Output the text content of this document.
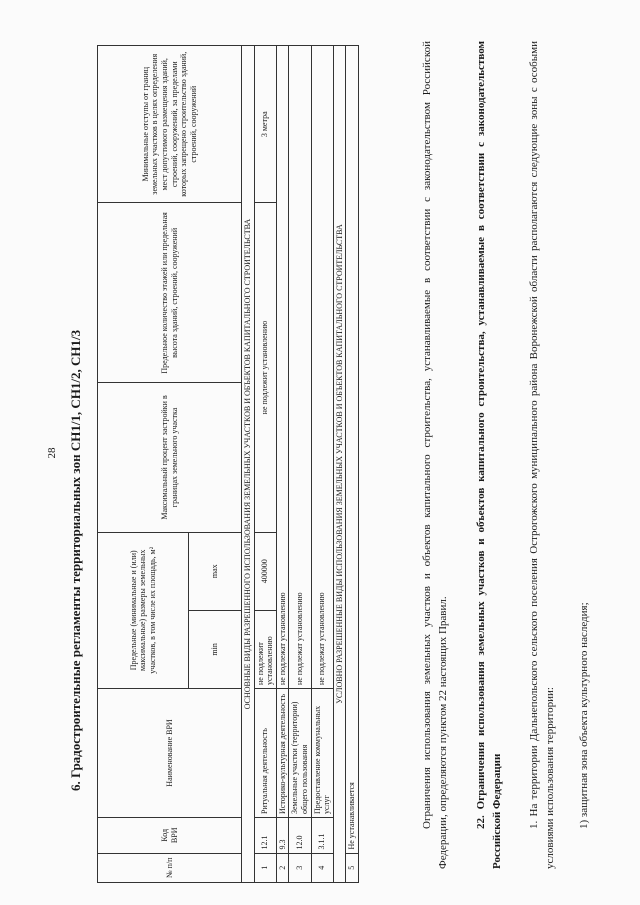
28 6. Градостроительные регламенты территориальных зон СН1/1, СН1/2, СН1/3
№ п/п	Код ВРИ	Наименование ВРИ	Предельные (минимальные и (или) максимальные) размеры земельных участков, в том числе их площадь, м²		Максимальный процент застройки в границах земельного участка	Предельное количество этажей или предельная высота зданий, строений, сооружений	Минимальные отступы от границ земельных участков в целях определения мест допустимого размещения зданий, строений, сооружений, за пределами которых запрещено строительство зданий, строений, сооружений
			min	max			
ОСНОВНЫЕ ВИДЫ РАЗРЕШЕННОГО ИСПОЛЬЗОВАНИЯ ЗЕМЕЛЬНЫХ УЧАСТКОВ И ОБЪЕКТОВ КАПИТАЛЬНОГО СТРОИТЕЛЬСТВА							
1	12.1	Ритуальная деятельность	не подлежит установлению	400000	не подлежит установлению		3 метра
2	9.3	Историко-культурная деятельность	не подлежат установлению				
3	12.0	Земельные участки (территории) общего пользования	не подлежат установлению				
4	3.1.1	Предоставление коммунальных услуг	не подлежат установлению				
УСЛОВНО РАЗРЕШЕННЫЕ ВИДЫ ИСПОЛЬЗОВАНИЯ ЗЕМЕЛЬНЫХ УЧАСТКОВ И ОБЪЕКТОВ КАПИТАЛЬНОГО СТРОИТЕЛЬСТВА							
5	Не устанавливается							Ограничения использования земельных участков и объектов капитального строительства, устанавливаемые в соответствии с законодательством Российской Федерации, определяются пунктом 22 настоящих Правил. 22. Ограничения использования земельных участков и объектов капитального строительства, устанавливаемые в соответствии с законодательством Российской Федерации 1. На территории Дальнепольского сельского поселения Острогожского муниципального района Воронежской области располагаются следующие зоны с особыми условиями использования территории: 1) защитная зона объекта культурного наследия;
